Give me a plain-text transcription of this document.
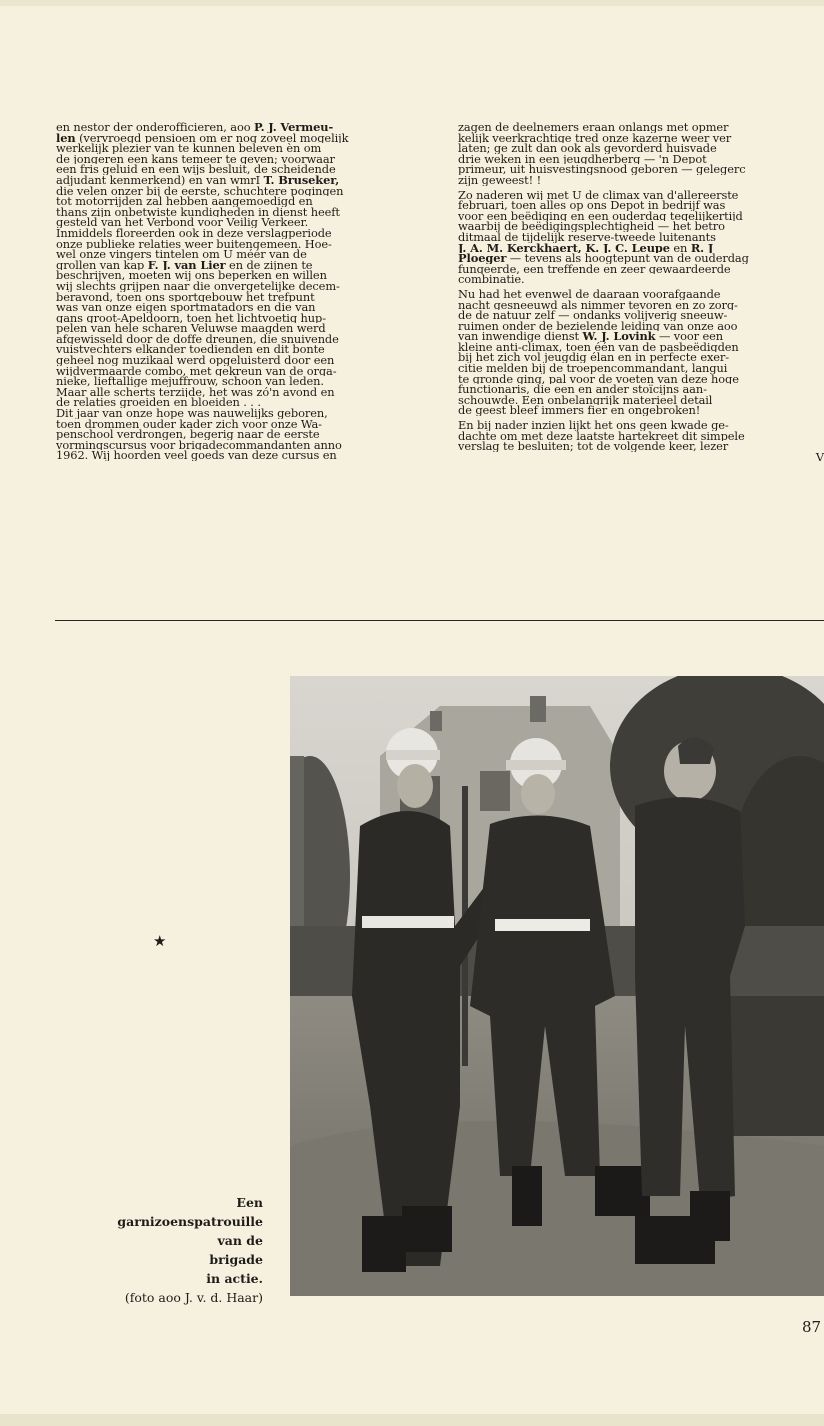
en nestor der onderofficieren, aoo P. J. Vermeu-
len (vervroegd pensioen om er nog zoveel mogelijk
werkelijk plezier van te kunnen beleven èn om
de jongeren een kans temeer te geven; voorwaar
een fris geluid en een wijs besluit, de scheidende
adjudant kenmerkend) en van wmrI T. Bruseker,
die velen onzer bij de eerste, schuchtere pogingen
tot motorrijden zal hebben aangemoedigd en
thans zijn onbetwiste kundigheden in dienst heeft
gesteld van het Verbond voor Veilig Verkeer.
Inmiddels floreerden ook in deze verslagperiode
onze publieke relaties weer buitengemeen. Hoe-
wel onze vingers tintelen om U méér van de
grollen van kap F. J. van Lier en de zijnen te
beschrijven, moeten wij ons beperken en willen
wij slechts grijpen naar die onvergetelijke decem-
beravond, toen ons sportgebouw het trefpunt
was van onze eigen sportmatadors en die van
gans groot-Apeldoorn, toen het lichtvoetig hup-
pelen van hele scharen Veluwse maagden werd
afgewisseld door de doffe dreunen, die snuivende
vuistvechters elkander toedienden en dit bonte
geheel nog muzikaal werd opgeluisterd door een
wijdvermaarde combo, met gekreun van de orga-
nieke, lieftallige mejuffrouw, schoon van leden.
Maar alle scherts terzijde, het was zó'n avond en
de relaties groeiden en bloeiden . . .
Dit jaar van onze hope was nauwelijks geboren,
toen drommen ouder kader zich voor onze Wa-
penschool verdrongen, begerig naar de eerste
vormingscursus voor brigadecommandanten anno
1962. Wij hoorden veel goeds van deze cursus en

zagen de deelnemers eraan onlangs met opmer
kelijk veerkrachtige tred onze kazerne weer ver
laten; ge zult dan ook als gevorderd huisvade
drie weken in een jeugdherberg — 'n Depot
primeur, uit huisvestingsnood geboren — gelegerc
zijn geweest! !

Zo naderen wij met U de climax van d'allereerste
februari, toen alles op ons Depot in bedrijf was
voor een beëdiging en een ouderdag tegelijkertijd
waarbij de beëdigingsplechtigheid — het betro
ditmaal de tijdelijk reserve-tweede luitenants
J. A. M. Kerckhaert, K. J. C. Leupe en R. J
Ploeger — tevens als hoogtepunt van de ouderdag
fungeerde, een treffende en zeer gewaardeerde
combinatie.

Nu had het evenwel de daaraan voorafgaande
nacht gesneeuwd als nimmer tevoren en zo zorg-
de de natuur zelf — ondanks volijverig sneeuw-
ruimen onder de bezielende leiding van onze aoo
van inwendige dienst W. J. Lovink — voor een
kleine anti-climax, toen één van de pasbeëdigden
bij het zich vol jeugdig élan en in perfecte exer-
citie melden bij de troepencommandant, langui
te gronde ging, pal voor de voeten van deze hoge
functionaris, die een en ander stoïcijns aan-
schouwde. Een onbelangrijk materieel detail
de geest bleef immers fier en ongebroken!

En bij nader inzien lijkt het ons geen kwade ge-
dachte om met deze laatste hartekreet dit simpele
verslag te besluiten; tot de volgende keer, lezer
V

★
Een
garnizoenspatrouille
van de
brigade
in actie.
(foto aoo J. v. d. Haar)
87
